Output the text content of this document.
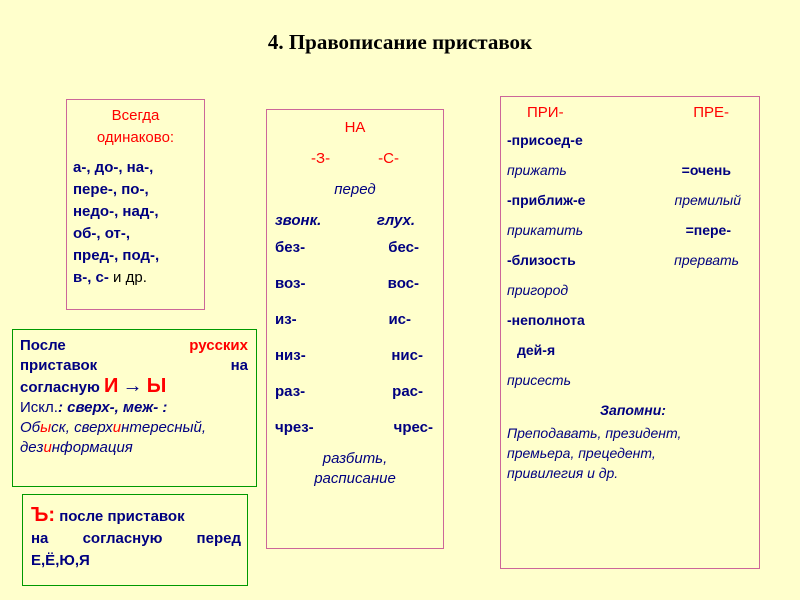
4. Правописание приставок
Всегда
одинаково:
а-, до-, на-,
пере-, по-,
недо-, над-,
об-, от-,
пред-, под-,
в-, с- и др.
После	русских
приставок	на
согласную И → Ы
Искл.: сверх-, меж- :
Обыск, сверхинтересный,
дезинформация
Ъ: после приставок
на согласную перед
Е,Ё,Ю,Я
НА
-З-	-С-
перед
звонк.	глух.
без-	бес-
воз-	вос-
из-	ис-
низ-	нис-
раз-	рас-
чрез-	чрес-
разбить,
расписание
ПРИ-	ПРЕ-
-присоед-е
прижать	=очень
-приближ-е	премилый
прикатить	=пере-
-близость	прервать
пригород
-неполнота
дей-я
присесть
Запомни:
Преподавать, президент,
премьера, прецедент,
привилегия и др.
